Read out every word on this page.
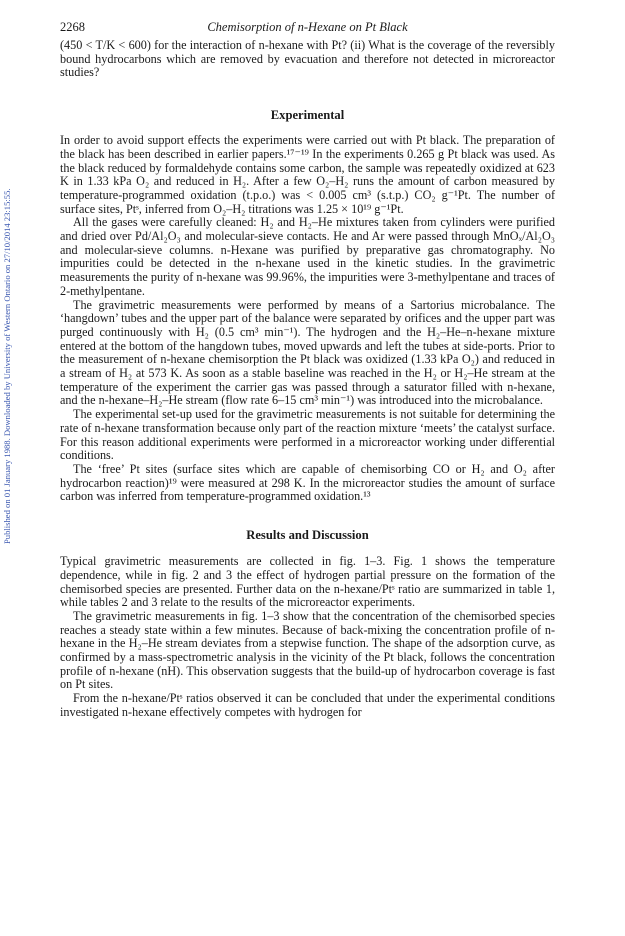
2268	Chemisorption of n-Hexane on Pt Black
Published on 01 January 1988. Downloaded by University of Western Ontario on 27/10/2014 23:15:55.

(450 < T/K < 600) for the interaction of n-hexane with Pt? (ii) What is the coverage of the reversibly bound hydrocarbons which are removed by evacuation and therefore not detected in microreactor studies?

Experimental

In order to avoid support effects the experiments were carried out with Pt black. The preparation of the black has been described in earlier papers.¹⁷⁻¹⁹ In the experiments 0.265 g Pt black was used. As the black reduced by formaldehyde contains some carbon, the sample was repeatedly oxidized at 623 K in 1.33 kPa O₂ and reduced in H₂. After a few O₂–H₂ runs the amount of carbon measured by temperature-programmed oxidation (t.p.o.) was < 0.005 cm³ (s.t.p.) CO₂ g⁻¹Pt. The number of surface sites, Ptˢ, inferred from O₂–H₂ titrations was 1.25 × 10¹⁹ g⁻¹Pt.

All the gases were carefully cleaned: H₂ and H₂–He mixtures taken from cylinders were purified and dried over Pd/Al₂O₃ and molecular-sieve contacts. He and Ar were passed through MnOₓ/Al₂O₃ and molecular-sieve columns. n-Hexane was purified by preparative gas chromatography. No impurities could be detected in the n-hexane used in the kinetic studies. In the gravimetric measurements the purity of n-hexane was 99.96%, the impurities were 3-methylpentane and traces of 2-methylpentane.

The gravimetric measurements were performed by means of a Sartorius microbalance. The ‘hangdown’ tubes and the upper part of the balance were separated by orifices and the upper part was purged continuously with H₂ (0.5 cm³ min⁻¹). The hydrogen and the H₂–He–n-hexane mixture entered at the bottom of the hangdown tubes, moved upwards and left the tubes at side-ports. Prior to the measurement of n-hexane chemisorption the Pt black was oxidized (1.33 kPa O₂) and reduced in a stream of H₂ at 573 K. As soon as a stable baseline was reached in the H₂ or H₂–He stream at the temperature of the experiment the carrier gas was passed through a saturator filled with n-hexane, and the n-hexane–H₂–He stream (flow rate 6–15 cm³ min⁻¹) was introduced into the microbalance.

The experimental set-up used for the gravimetric measurements is not suitable for determining the rate of n-hexane transformation because only part of the reaction mixture ‘meets’ the catalyst surface. For this reason additional experiments were performed in a microreactor working under differential conditions.

The ‘free’ Pt sites (surface sites which are capable of chemisorbing CO or H₂ and O₂ after hydrocarbon reaction)¹⁹ were measured at 298 K. In the microreactor studies the amount of surface carbon was inferred from temperature-programmed oxidation.¹³

Results and Discussion

Typical gravimetric measurements are collected in fig. 1–3. Fig. 1 shows the temperature dependence, while in fig. 2 and 3 the effect of hydrogen partial pressure on the formation of the chemisorbed species are presented. Further data on the n-hexane/Ptˢ ratio are summarized in table 1, while tables 2 and 3 relate to the results of the microreactor experiments.

The gravimetric measurements in fig. 1–3 show that the concentration of the chemisorbed species reaches a steady state within a few minutes. Because of back-mixing the concentration profile of n-hexane in the H₂–He stream deviates from a stepwise function. The shape of the adsorption curve, as confirmed by a mass-spectrometric analysis in the vicinity of the Pt black, follows the concentration profile of n-hexane (nH). This observation suggests that the build-up of hydrocarbon coverage is fast on Pt sites.

From the n-hexane/Ptˢ ratios observed it can be concluded that under the experimental conditions investigated n-hexane effectively competes with hydrogen for
